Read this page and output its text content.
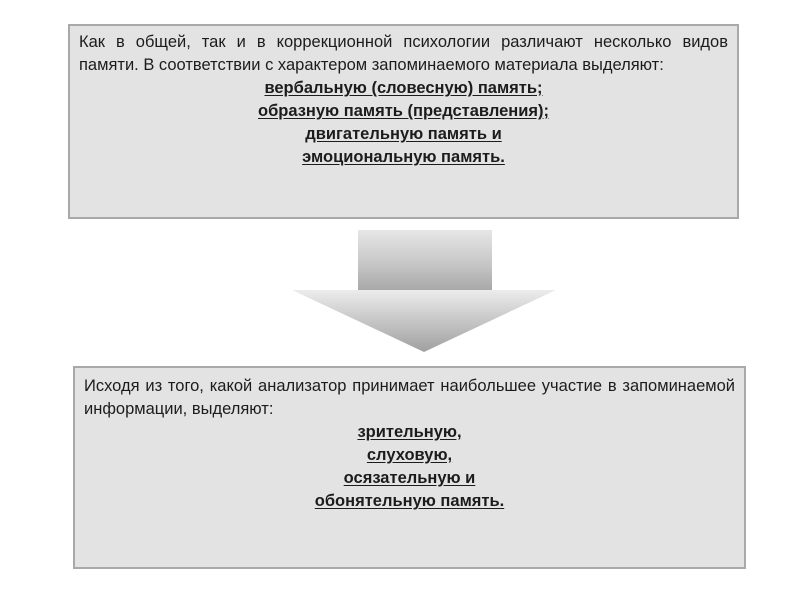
Как в общей, так и в коррекционной психологии различают несколько видов памяти. В соответствии с характером запоминаемого материала выделяют:

вербальную (словесную) память;
образную память (представления);
двигательную память и
эмоциональную память.

Исходя из того, какой анализатор принимает наибольшее участие в запоминаемой информации, выделяют:

зрительную,
слуховую,
осязательную и
обонятельную память.
